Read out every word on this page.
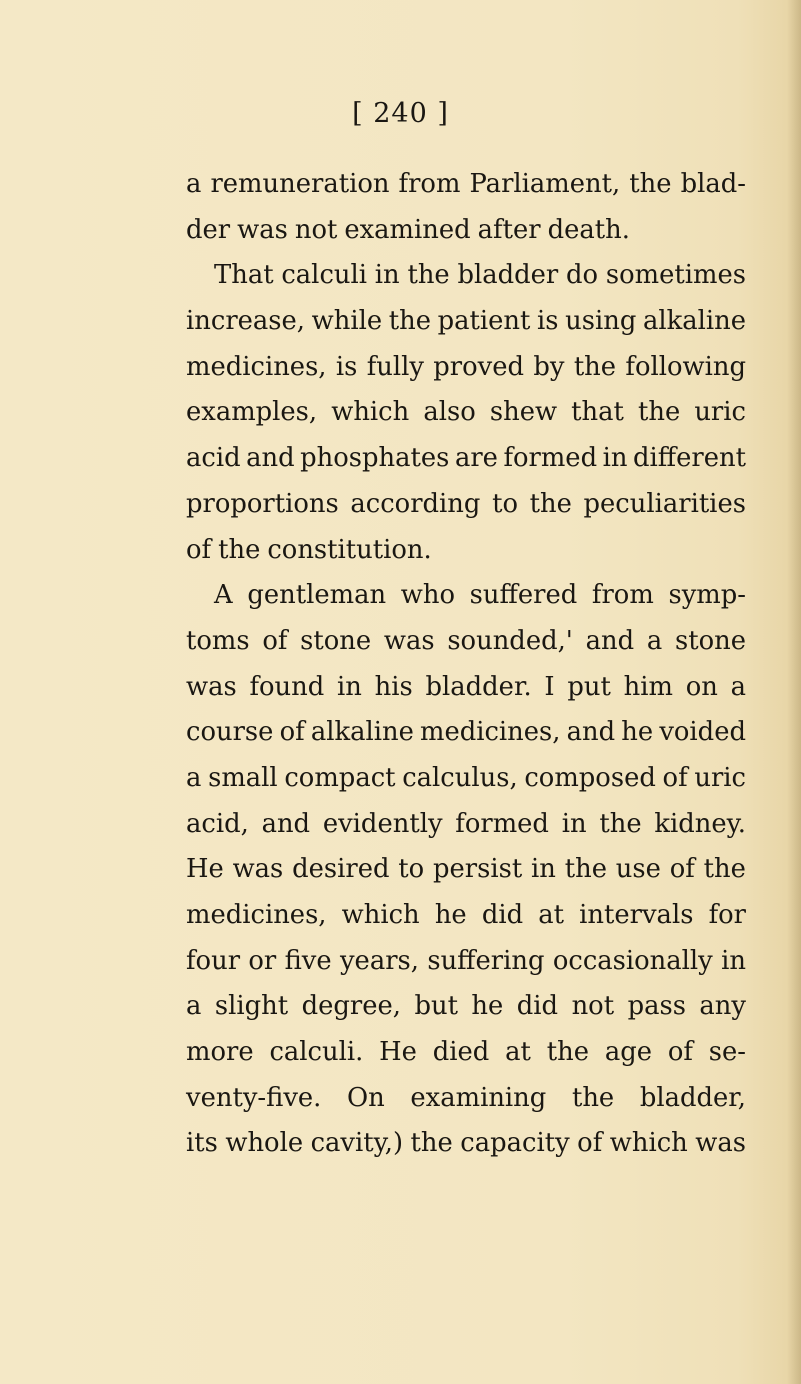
[ 240 ]
a remuneration from Parliament, the blad-
der was not examined after death.
That calculi in the bladder do sometimes
increase, while the patient is using alkaline
medicines, is fully proved by the following
examples, which also shew that the uric
acid and phosphates are formed in different
proportions according to the peculiarities
of the constitution.
A gentleman who suffered from symp-
toms of stone was sounded,' and a stone
was found in his bladder. I put him on a
course of alkaline medicines, and he voided
a small compact calculus, composed of uric
acid, and evidently formed in the kidney.
He was desired to persist in the use of the
medicines, which he did at intervals for
four or five years, suffering occasionally in
a slight degree, but he did not pass any
more calculi. He died at the age of se-
venty-five. On examining the bladder,
its whole cavity,) the capacity of which was
